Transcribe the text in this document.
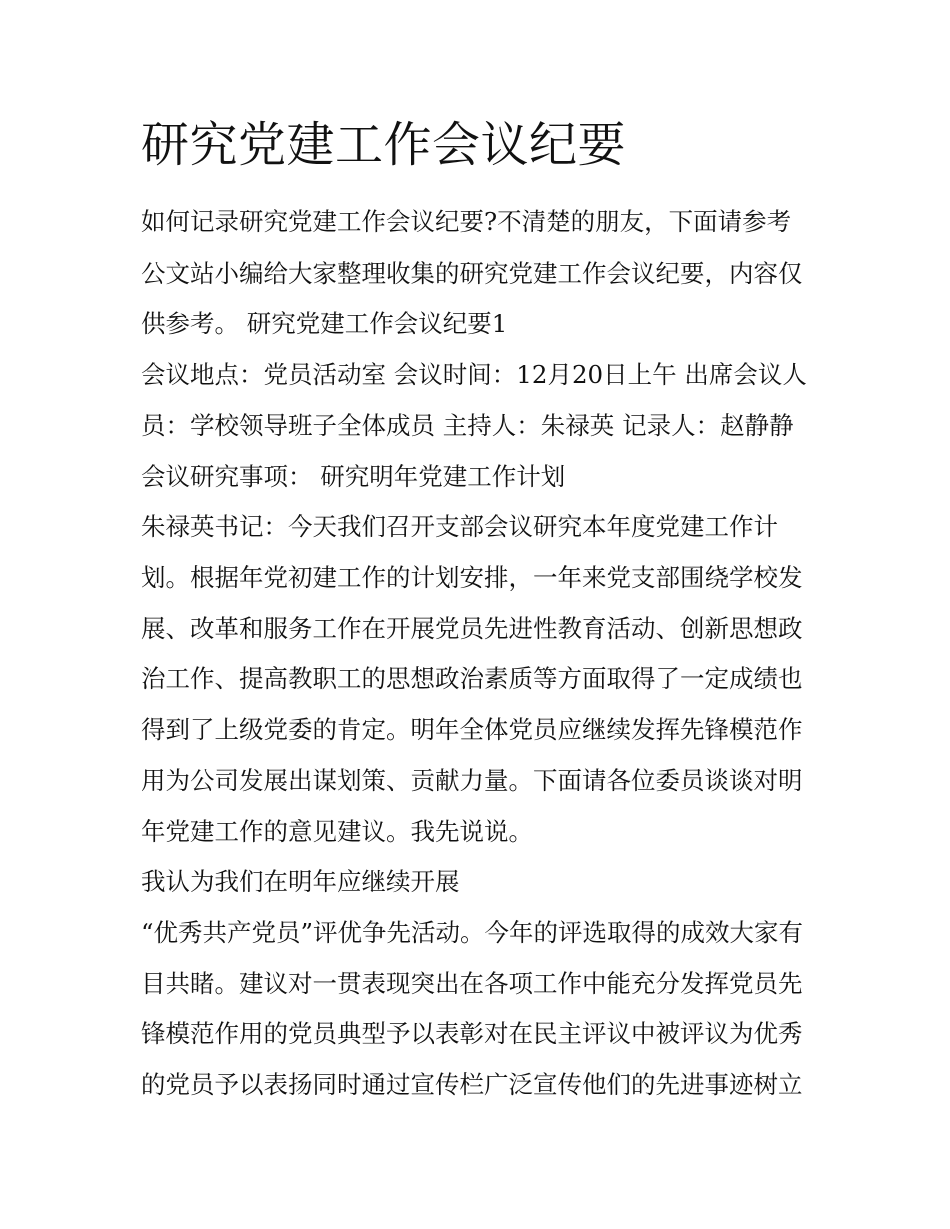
研究党建工作会议纪要

如何记录研究党建工作会议纪要?不清楚的朋友，下面请参考

公文站小编给大家整理收集的研究党建工作会议纪要，内容仅

供参考。 研究党建工作会议纪要1

会议地点：党员活动室 会议时间：12月20日上午 出席会议人

员：学校领导班子全体成员 主持人：朱禄英 记录人：赵静静

会议研究事项： 研究明年党建工作计划

朱禄英书记：今天我们召开支部会议研究本年度党建工作计

划。根据年党初建工作的计划安排，一年来党支部围绕学校发

展、改革和服务工作在开展党员先进性教育活动、创新思想政

治工作、提高教职工的思想政治素质等方面取得了一定成绩也

得到了上级党委的肯定。明年全体党员应继续发挥先锋模范作

用为公司发展出谋划策、贡献力量。下面请各位委员谈谈对明

年党建工作的意见建议。我先说说。

我认为我们在明年应继续开展

“优秀共产党员”评优争先活动。今年的评选取得的成效大家有

目共睹。建议对一贯表现突出在各项工作中能充分发挥党员先

锋模范作用的党员典型予以表彰对在民主评议中被评议为优秀

的党员予以表扬同时通过宣传栏广泛宣传他们的先进事迹树立
